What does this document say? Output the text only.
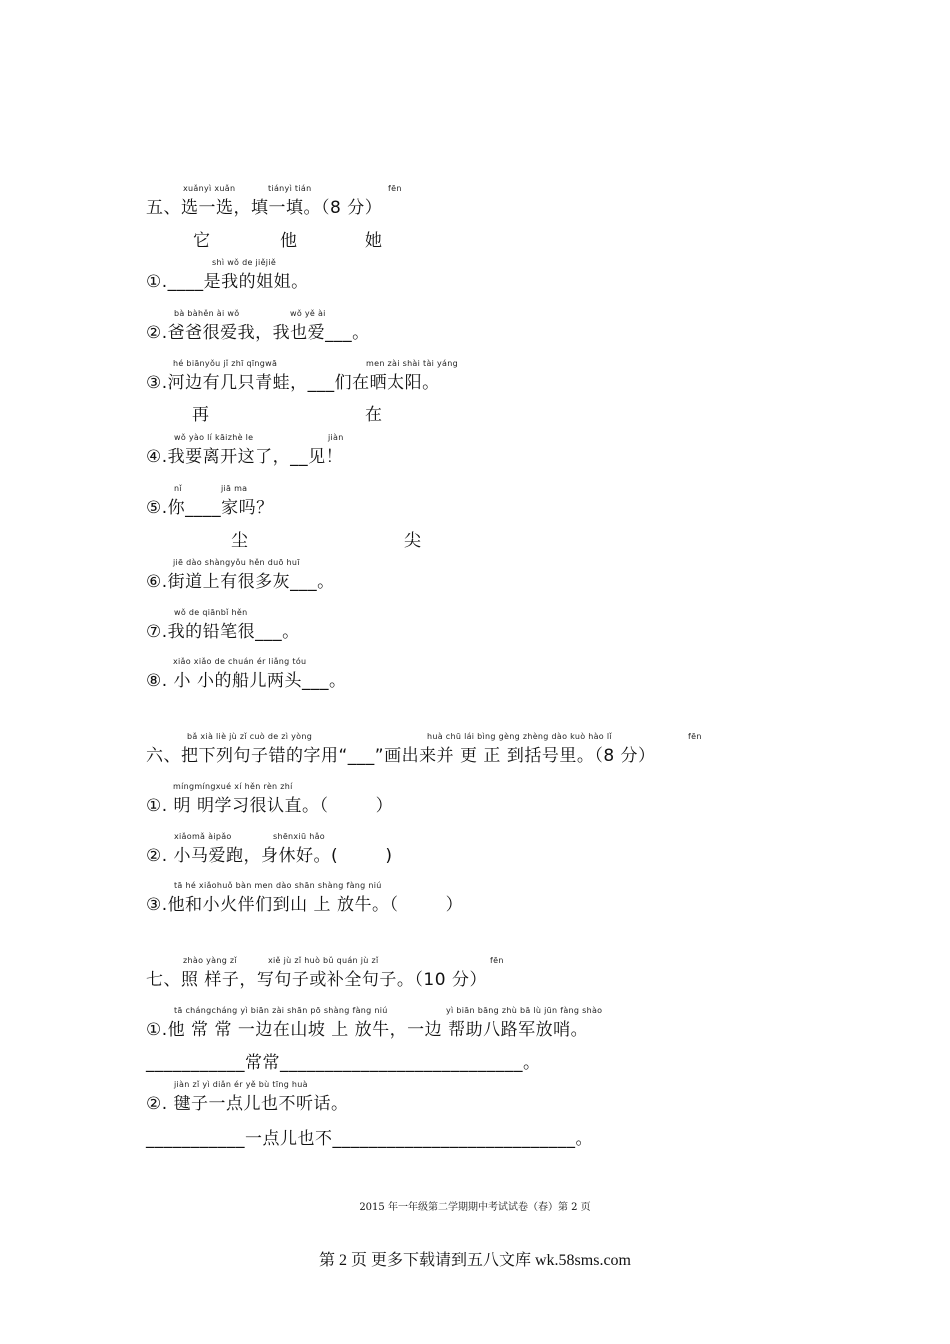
xuǎnyì xuǎn	tiányì tián	fēn
五、选一选，填一填。（8 分）
它	他	她
shì wǒ de jiějiě
①.____是我的姐姐。
bà bàhěn ài wǒ	wǒ yě ài
②.爸爸很爱我，我也爱___。
hé biānyǒu jǐ zhī qīngwā	men zài shài tài yáng
③.河边有几只青蛙，___们在晒太阳。
再	在
wǒ yào lí kāizhè le	jiàn
④.我要离开这了，__见！
nǐ	jiā ma
⑤.你____家吗？
尘	尖
jiē dào shàngyǒu hěn duō huī
⑥.街道上有很多灰___。
wǒ de qiānbǐ hěn
⑦.我的铅笔很___。
xiǎo xiǎo de chuán ér liǎng tóu
⑧. 小 小的船儿两头___。
bǎ xià liè jù zǐ cuò de zì yòng	huà chū lái bìng gèng zhèng dào kuò hào lǐ	fēn
六、把下列句子错的字用“___”画出来并 更 正 到括号里。（8 分）
míngmíngxué xí hěn rèn zhí
①. 明 明学习很认直。（        ）
xiǎomǎ àipǎo	shēnxiū hǎo
②. 小马爱跑，身休好。(        )
tā hé xiǎohuǒ bàn men dào shān shàng fàng niú
③.他和小火伴们到山 上 放牛。（        ）
zhào yàng zǐ	xiě jù zǐ huò bǔ quán jù zǐ	fēn
七、照 样子，写句子或补全句子。（10 分）
tā chángcháng yì biān zài shān pō shàng fàng niú	yì biān bāng zhù bā lù jūn fàng shào
①.他 常 常 一边在山坡 上 放牛，一边 帮助八路军放哨。
___________常常___________________________。
jiàn zǐ yì diǎn ér yě bù tīng huà
②. 毽子一点儿也不听话。
___________一点儿也不___________________________。
2015 年一年级第二学期期中考试试卷（春）第 2 页
第 2 页 更多下载请到五八文库 wk.58sms.com
